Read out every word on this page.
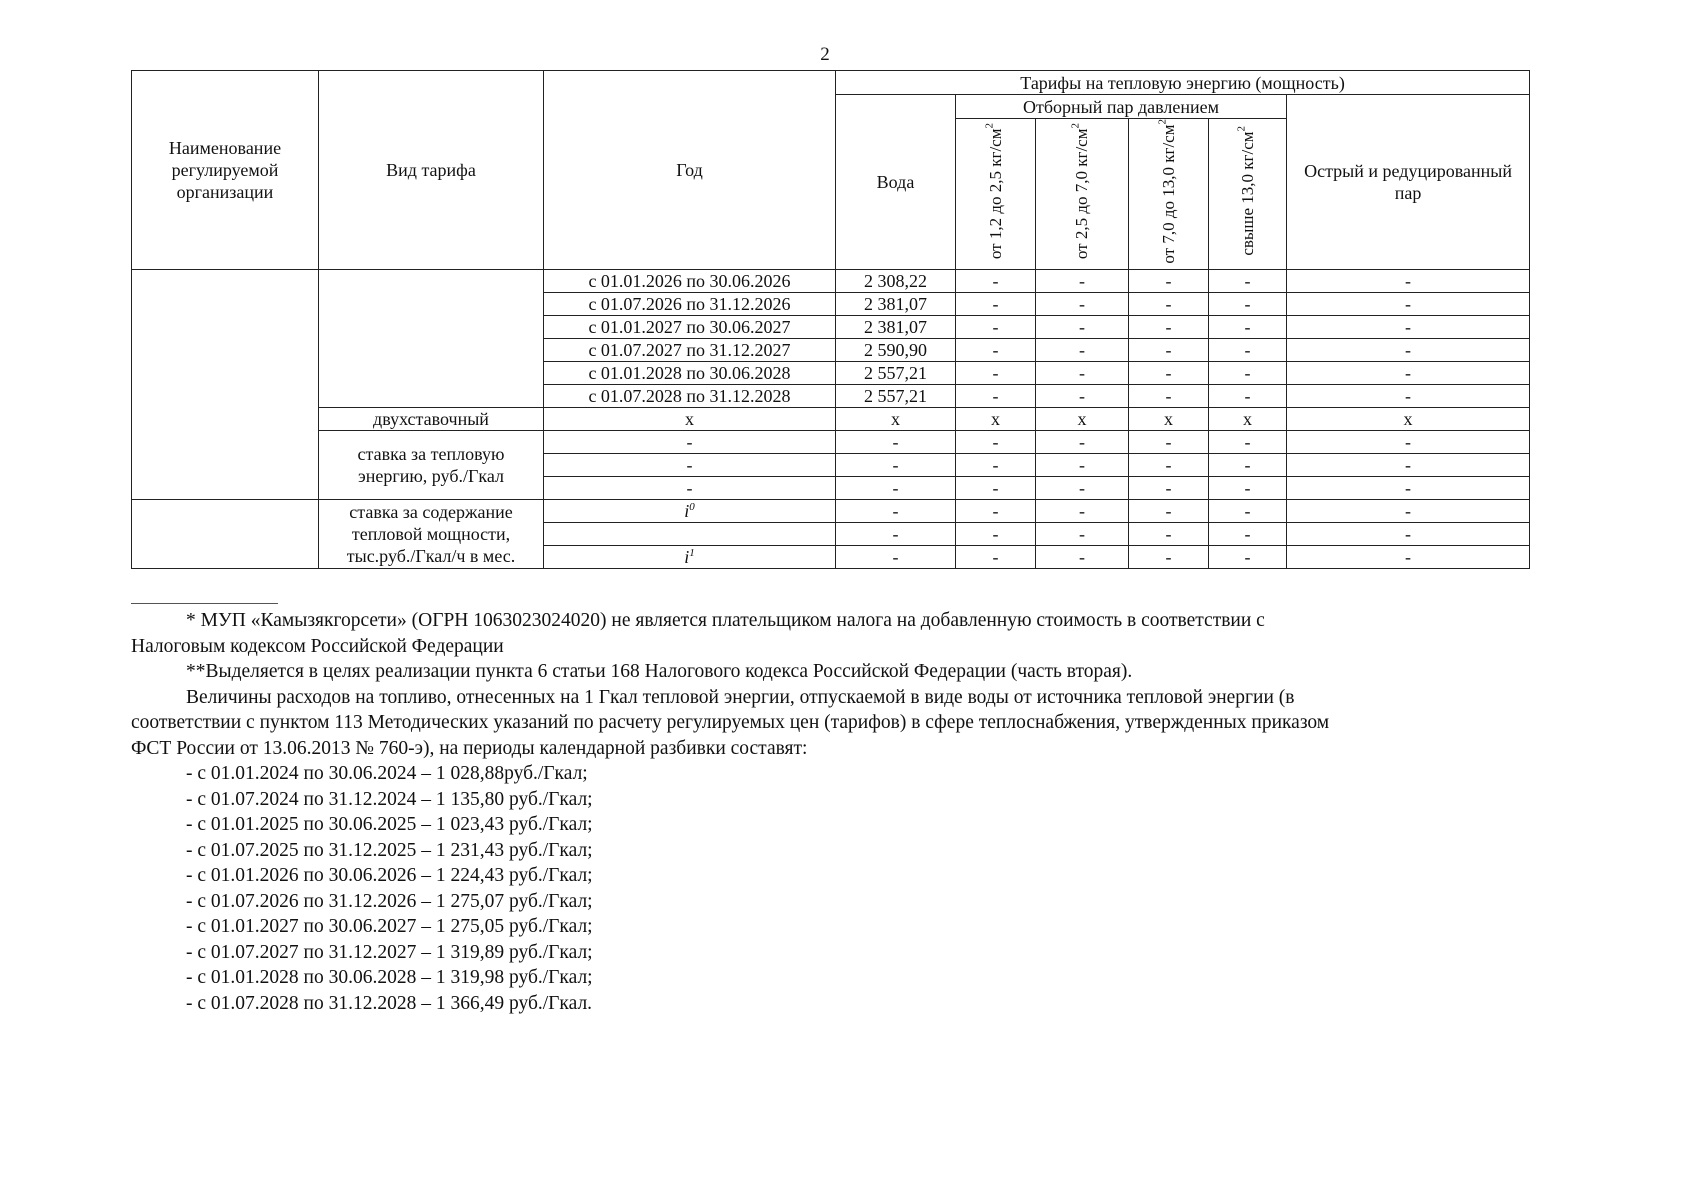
2
Наименование регулируемой организации	Вид тарифа	Год	Тарифы на тепловую энергию (мощность)					
			Вода	Отборный пар давлением				Острый и редуцированный пар
				от 1,2 до 2,5 $кг/см^2$	от 2,5 до 7,0 $кг/см^2$	от 7,0 до 13,0 $кг/см^2$	свыше 13,0 $кг/см^2$
		с 01.01.2026 по 30.06.2026	2 308,22	-	-	-	-	-
		с 01.07.2026 по 31.12.2026	2 381,07	-	-	-	-	-
		с 01.01.2027 по 30.06.2027	2 381,07	-	-	-	-	-
		с 01.07.2027 по 31.12.2027	2 590,90	-	-	-	-	-
		с 01.01.2028 по 30.06.2028	2 557,21	-	-	-	-	-
		с 01.07.2028 по 31.12.2028	2 557,21	-	-	-	-	-
	двухставочный	х	х	х	х	х	х	х
	ставка за тепловую энергию, руб./Гкал	-	-	-	-	-	-	-
		-	-	-	-	-	-	-
		-	-	-	-	-	-	-
	ставка за содержание тепловой мощности, тыс.руб./Гкал/ч в мес.	$i^0$	-	-	-	-	-	-
			-	-	-	-	-	-
		$i^1$	-	-	-	-	-	-

* МУП «Камызякгорсети» (ОГРН 1063023024020) не является плательщиком налога на добавленную стоимость в соответствии с

Налоговым кодексом Российской Федерации

**Выделяется в целях реализации пункта 6 статьи 168 Налогового кодекса Российской Федерации (часть вторая).

Величины расходов на топливо, отнесенных на 1 Гкал тепловой энергии, отпускаемой в виде воды от источника тепловой энергии (в

соответствии с пунктом 113 Методических указаний по расчету регулируемых цен (тарифов) в сфере теплоснабжения, утвержденных приказом

ФСТ России от 13.06.2013 № 760-э), на периоды календарной разбивки составят:

- с 01.01.2024 по 30.06.2024 – 1 028,88руб./Гкал;
- с 01.07.2024 по 31.12.2024 – 1 135,80 руб./Гкал;
- с 01.01.2025 по 30.06.2025 – 1 023,43 руб./Гкал;
- с 01.07.2025 по 31.12.2025 – 1 231,43 руб./Гкал;
- с 01.01.2026 по 30.06.2026 – 1 224,43 руб./Гкал;
- с 01.07.2026 по 31.12.2026 – 1 275,07 руб./Гкал;
- с 01.01.2027 по 30.06.2027 – 1 275,05 руб./Гкал;
- с 01.07.2027 по 31.12.2027 – 1 319,89 руб./Гкал;
- с 01.01.2028 по 30.06.2028 – 1 319,98 руб./Гкал;
- с 01.07.2028 по 31.12.2028 – 1 366,49 руб./Гкал.
